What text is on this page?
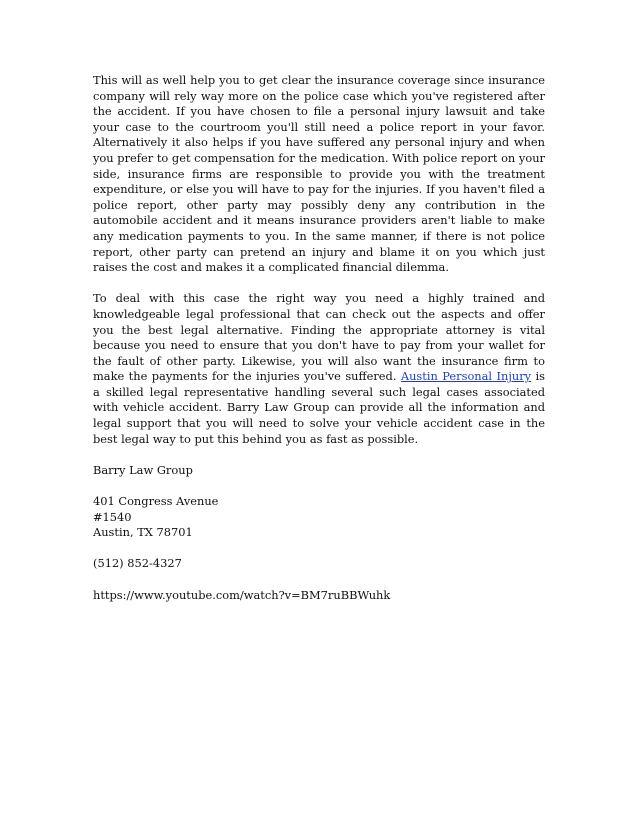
This will as well help you to get clear the insurance coverage since insurance company will rely way more on the police case which you've registered after the accident. If you have chosen to file a personal injury lawsuit and take your case to the courtroom you'll still need a police report in your favor. Alternatively it also helps if you have suffered any personal injury and when you prefer to get compensation for the medication. With police report on your side, insurance firms are responsible to provide you with the treatment expenditure, or else you will have to pay for the injuries. If you haven't filed a police report, other party may possibly deny any contribution in the automobile accident and it means insurance providers aren't liable to make any medication payments to you. In the same manner, if there is not police report, other party can pretend an injury and blame it on you which just raises the cost and makes it a complicated financial dilemma.

To deal with this case the right way you need a highly trained and knowledgeable legal professional that can check out the aspects and offer you the best legal alternative. Finding the appropriate attorney is vital because you need to ensure that you don't have to pay from your wallet for the fault of other party. Likewise, you will also want the insurance firm to make the payments for the injuries you've suffered. Austin Personal Injury is a skilled legal representative handling several such legal cases associated with vehicle accident. Barry Law Group can provide all the information and legal support that you will need to solve your vehicle accident case in the best legal way to put this behind you as fast as possible.

Barry Law Group

401 Congress Avenue

#1540

Austin, TX 78701

(512) 852-4327

https://www.youtube.com/watch?v=BM7ruBBWuhk
